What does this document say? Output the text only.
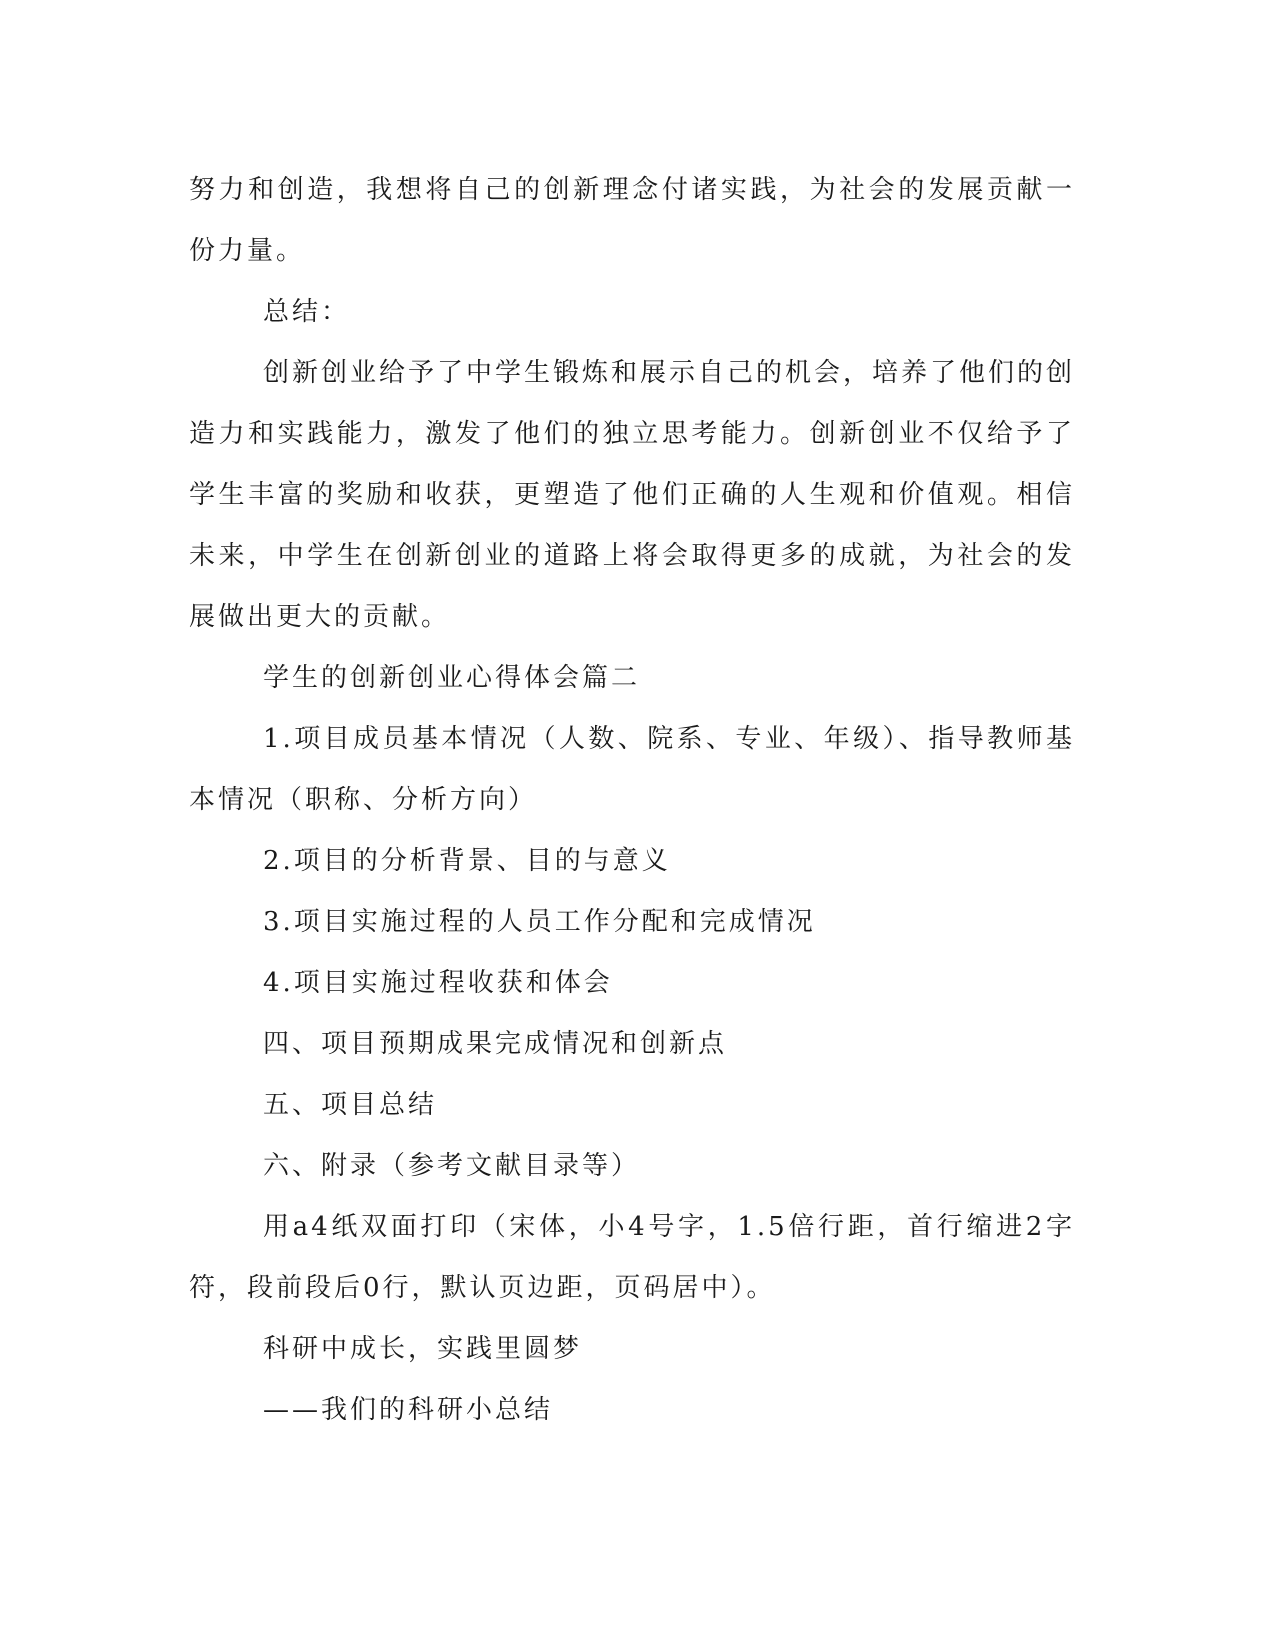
努力和创造，我想将自己的创新理念付诸实践，为社会的发展贡献一份力量。

总结：

创新创业给予了中学生锻炼和展示自己的机会，培养了他们的创造力和实践能力，激发了他们的独立思考能力。创新创业不仅给予了学生丰富的奖励和收获，更塑造了他们正确的人生观和价值观。相信未来，中学生在创新创业的道路上将会取得更多的成就，为社会的发展做出更大的贡献。

学生的创新创业心得体会篇二

1.项目成员基本情况（人数、院系、专业、年级）、指导教师基本情况（职称、分析方向）

2.项目的分析背景、目的与意义

3.项目实施过程的人员工作分配和完成情况

4.项目实施过程收获和体会

四、项目预期成果完成情况和创新点

五、项目总结

六、附录（参考文献目录等）

用a4纸双面打印（宋体，小4号字，1.5倍行距，首行缩进2字符，段前段后0行，默认页边距，页码居中）。

科研中成长，实践里圆梦

——我们的科研小总结
